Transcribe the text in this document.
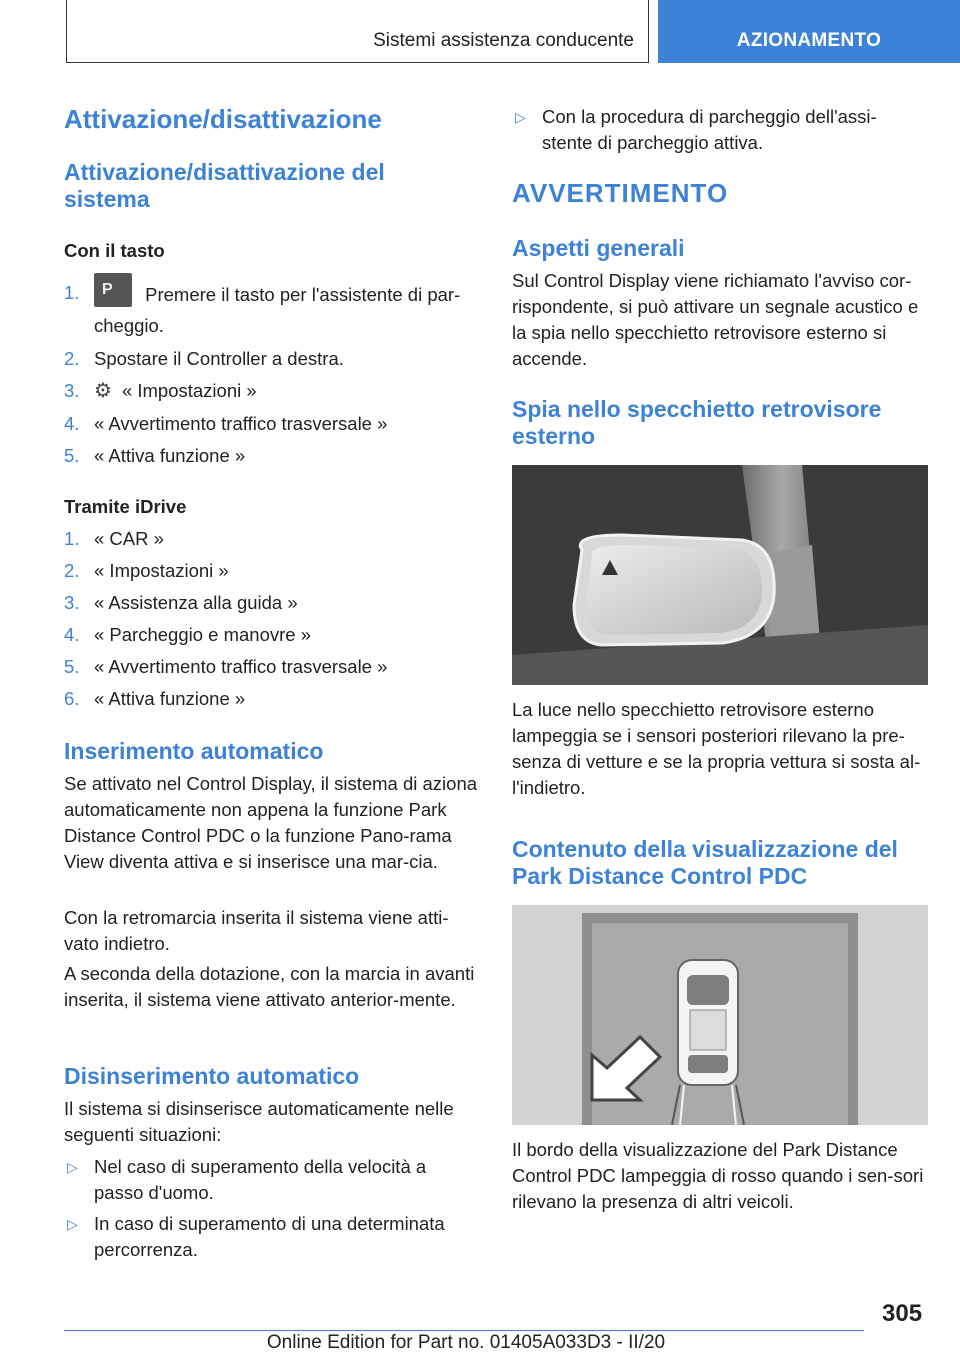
Sistemi assistenza conducente	AZIONAMENTO
Attivazione/disattivazione
Attivazione/disattivazione del sistema
Con il tasto
1. P Premere il tasto per l'assistente di par-
cheggio.
2. Spostare il Controller a destra.
3. ⚙ « Impostazioni »
4. « Avvertimento traffico trasversale »
5. « Attiva funzione »
Tramite iDrive
1. « CAR »
2. « Impostazioni »
3. « Assistenza alla guida »
4. « Parcheggio e manovre »
5. « Avvertimento traffico trasversale »
6. « Attiva funzione »
Inserimento automatico

Se attivato nel Control Display, il sistema di aziona automaticamente non appena la funzione Park Distance Control PDC o la funzione Pano-rama View diventa attiva e si inserisce una mar-cia.

Con la retromarcia inserita il sistema viene atti-vato indietro.

A seconda della dotazione, con la marcia in avanti inserita, il sistema viene attivato anterior-mente.

Disinserimento automatico

Il sistema si disinserisce automaticamente nelle seguenti situazioni:

▷ Nel caso di superamento della velocità a passo d'uomo.
▷ In caso di superamento di una determinata percorrenza.
▷ Con la procedura di parcheggio dell'assi-stente di parcheggio attiva.
AVVERTIMENTO
Aspetti generali

Sul Control Display viene richiamato l'avviso cor-rispondente, si può attivare un segnale acustico e la spia nello specchietto retrovisore esterno si accende.

Spia nello specchietto retrovisore esterno

La luce nello specchietto retrovisore esterno lampeggia se i sensori posteriori rilevano la pre-senza di vetture e se la propria vettura si sosta al-l'indietro.

Contenuto della visualizzazione del Park Distance Control PDC

Il bordo della visualizzazione del Park Distance Control PDC lampeggia di rosso quando i sen-sori rilevano la presenza di altri veicoli.

305
Online Edition for Part no. 01405A033D3 - II/20
